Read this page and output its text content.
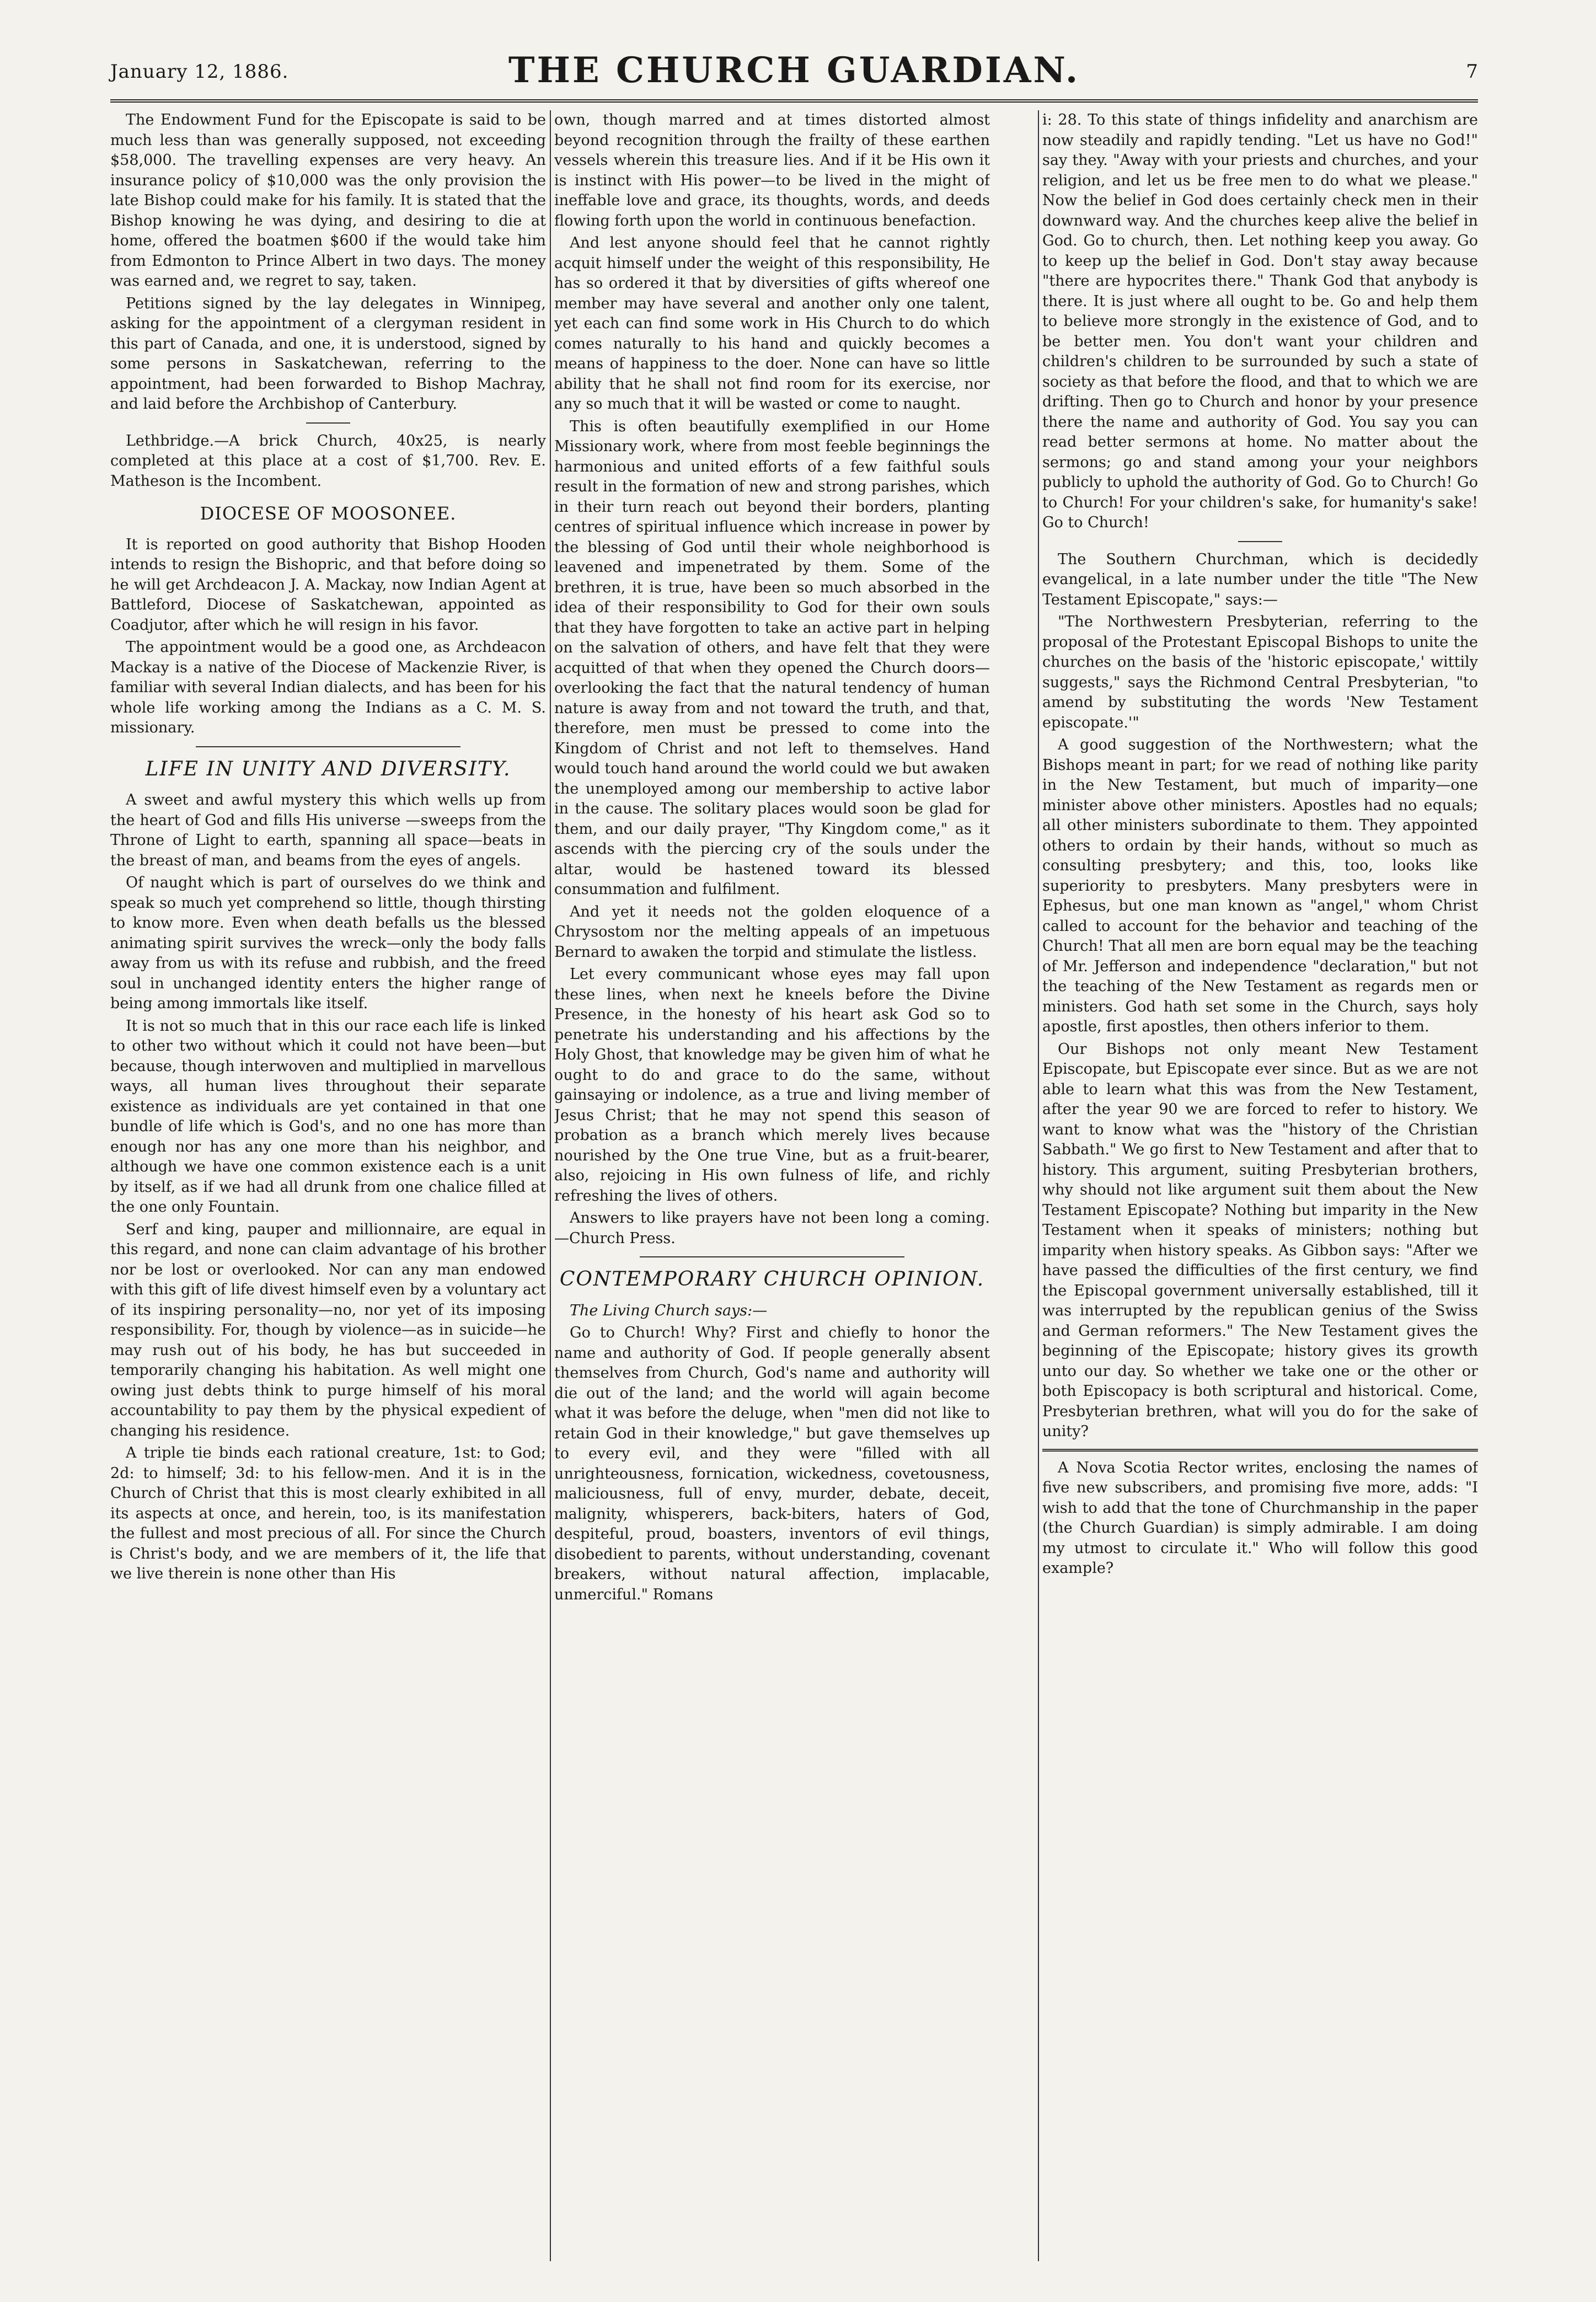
January 12, 1886.	THE CHURCH GUARDIAN.	7

The Endowment Fund for the Episcopate is said to be much less than was generally supposed, not exceeding $58,000. The travelling expenses are very heavy. An insurance policy of $10,000 was the only provision the late Bishop could make for his family. It is stated that the Bishop knowing he was dying, and desiring to die at home, offered the boatmen $600 if the would take him from Edmonton to Prince Albert in two days. The money was earned and, we regret to say, taken.

Petitions signed by the lay delegates in Winnipeg, asking for the appointment of a clergyman resident in this part of Canada, and one, it is understood, signed by some persons in Saskatchewan, referring to the appointment, had been forwarded to Bishop Machray, and laid before the Archbishop of Canterbury.

Lethbridge.—A brick Church, 40x25, is nearly completed at this place at a cost of $1,700. Rev. E. Matheson is the Incombent.

DIOCESE OF MOOSONEE.

It is reported on good authority that Bishop Hooden intends to resign the Bishopric, and that before doing so he will get Archdeacon J. A. Mackay, now Indian Agent at Battleford, Diocese of Saskatchewan, appointed as Coadjutor, after which he will resign in his favor.

The appointment would be a good one, as Archdeacon Mackay is a native of the Diocese of Mackenzie River, is familiar with several Indian dialects, and has been for his whole life working among the Indians as a C. M. S. missionary.

LIFE IN UNITY AND DIVERSITY.

A sweet and awful mystery this which wells up from the heart of God and fills His universe —sweeps from the Throne of Light to earth, spanning all space—beats in the breast of man, and beams from the eyes of angels.

Of naught which is part of ourselves do we think and speak so much yet comprehend so little, though thirsting to know more. Even when death befalls us the blessed animating spirit survives the wreck—only the body falls away from us with its refuse and rubbish, and the freed soul in unchanged identity enters the higher range of being among immortals like itself.

It is not so much that in this our race each life is linked to other two without which it could not have been—but because, though interwoven and multiplied in marvellous ways, all human lives throughout their separate existence as individuals are yet contained in that one bundle of life which is God's, and no one has more than enough nor has any one more than his neighbor, and although we have one common existence each is a unit by itself, as if we had all drunk from one chalice filled at the one only Fountain.

Serf and king, pauper and millionnaire, are equal in this regard, and none can claim advantage of his brother nor be lost or overlooked. Nor can any man endowed with this gift of life divest himself even by a voluntary act of its inspiring personality—no, nor yet of its imposing responsibility. For, though by violence—as in suicide—he may rush out of his body, he has but succeeded in temporarily changing his habitation. As well might one owing just debts think to purge himself of his moral accountability to pay them by the physical expedient of changing his residence.

A triple tie binds each rational creature, 1st: to God; 2d: to himself; 3d: to his fellow-men. And it is in the Church of Christ that this is most clearly exhibited in all its aspects at once, and herein, too, is its manifestation the fullest and most precious of all. For since the Church is Christ's body, and we are members of it, the life that we live therein is none other than His

own, though marred and at times distorted almost beyond recognition through the frailty of these earthen vessels wherein this treasure lies. And if it be His own it is instinct with His power—to be lived in the might of ineffable love and grace, its thoughts, words, and deeds flowing forth upon the world in continuous benefaction.

And lest anyone should feel that he cannot rightly acquit himself under the weight of this responsibility, He has so ordered it that by diversities of gifts whereof one member may have several and another only one talent, yet each can find some work in His Church to do which comes naturally to his hand and quickly becomes a means of happiness to the doer. None can have so little ability that he shall not find room for its exercise, nor any so much that it will be wasted or come to naught.

This is often beautifully exemplified in our Home Missionary work, where from most feeble beginnings the harmonious and united efforts of a few faithful souls result in the formation of new and strong parishes, which in their turn reach out beyond their borders, planting centres of spiritual influence which increase in power by the blessing of God until their whole neighborhood is leavened and impenetrated by them. Some of the brethren, it is true, have been so much absorbed in the idea of their responsibility to God for their own souls that they have forgotten to take an active part in helping on the salvation of others, and have felt that they were acquitted of that when they opened the Church doors—overlooking the fact that the natural tendency of human nature is away from and not toward the truth, and that, therefore, men must be pressed to come into the Kingdom of Christ and not left to themselves. Hand would touch hand around the world could we but awaken the unemployed among our membership to active labor in the cause. The solitary places would soon be glad for them, and our daily prayer, "Thy Kingdom come," as it ascends with the piercing cry of the souls under the altar, would be hastened toward its blessed consummation and fulfilment.

And yet it needs not the golden eloquence of a Chrysostom nor the melting appeals of an impetuous Bernard to awaken the torpid and stimulate the listless.

Let every communicant whose eyes may fall upon these lines, when next he kneels before the Divine Presence, in the honesty of his heart ask God so to penetrate his understanding and his affections by the Holy Ghost, that knowledge may be given him of what he ought to do and grace to do the same, without gainsaying or indolence, as a true and living member of Jesus Christ; that he may not spend this season of probation as a branch which merely lives because nourished by the One true Vine, but as a fruit-bearer, also, rejoicing in His own fulness of life, and richly refreshing the lives of others.

Answers to like prayers have not been long a coming.—Church Press.

CONTEMPORARY CHURCH OPINION.

The Living Church says:—

Go to Church! Why? First and chiefly to honor the name and authority of God. If people generally absent themselves from Church, God's name and authority will die out of the land; and the world will again become what it was before the deluge, when "men did not like to retain God in their knowledge," but gave themselves up to every evil, and they were "filled with all unrighteousness, fornication, wickedness, covetousness, maliciousness, full of envy, murder, debate, deceit, malignity, whisperers, back-biters, haters of God, despiteful, proud, boasters, inventors of evil things, disobedient to parents, without understanding, covenant breakers, without natural affection, implacable, unmerciful." Romans

i: 28. To this state of things infidelity and anarchism are now steadily and rapidly tending. "Let us have no God!" say they. "Away with your priests and churches, and your religion, and let us be free men to do what we please." Now the belief in God does certainly check men in their downward way. And the churches keep alive the belief in God. Go to church, then. Let nothing keep you away. Go to keep up the belief in God. Don't stay away because "there are hypocrites there." Thank God that anybody is there. It is just where all ought to be. Go and help them to believe more strongly in the existence of God, and to be better men. You don't want your children and children's children to be surrounded by such a state of society as that before the flood, and that to which we are drifting. Then go to Church and honor by your presence there the name and authority of God. You say you can read better sermons at home. No matter about the sermons; go and stand among your your neighbors publicly to uphold the authority of God. Go to Church! Go to Church! For your children's sake, for humanity's sake! Go to Church!

The Southern Churchman, which is decidedly evangelical, in a late number under the title "The New Testament Episcopate," says:—

"The Northwestern Presbyterian, referring to the proposal of the Protestant Episcopal Bishops to unite the churches on the basis of the 'historic episcopate,' wittily suggests," says the Richmond Central Presbyterian, "to amend by substituting the words 'New Testament episcopate.'"

A good suggestion of the Northwestern; what the Bishops meant in part; for we read of nothing like parity in the New Testament, but much of imparity—one minister above other ministers. Apostles had no equals; all other ministers subordinate to them. They appointed others to ordain by their hands, without so much as consulting presbytery; and this, too, looks like superiority to presbyters. Many presbyters were in Ephesus, but one man known as "angel," whom Christ called to account for the behavior and teaching of the Church! That all men are born equal may be the teaching of Mr. Jefferson and independence "declaration," but not the teaching of the New Testament as regards men or ministers. God hath set some in the Church, says holy apostle, first apostles, then others inferior to them.

Our Bishops not only meant New Testament Episcopate, but Episcopate ever since. But as we are not able to learn what this was from the New Testament, after the year 90 we are forced to refer to history. We want to know what was the "history of the Christian Sabbath." We go first to New Testament and after that to history. This argument, suiting Presbyterian brothers, why should not like argument suit them about the New Testament Episcopate? Nothing but imparity in the New Testament when it speaks of ministers; nothing but imparity when history speaks. As Gibbon says: "After we have passed the difficulties of the first century, we find the Episcopal government universally established, till it was interrupted by the republican genius of the Swiss and German reformers." The New Testament gives the beginning of the Episcopate; history gives its growth unto our day. So whether we take one or the other or both Episcopacy is both scriptural and historical. Come, Presbyterian brethren, what will you do for the sake of unity?

A Nova Scotia Rector writes, enclosing the names of five new subscribers, and promising five more, adds: "I wish to add that the tone of Churchmanship in the paper (the Church Guardian) is simply admirable. I am doing my utmost to circulate it." Who will follow this good example?
